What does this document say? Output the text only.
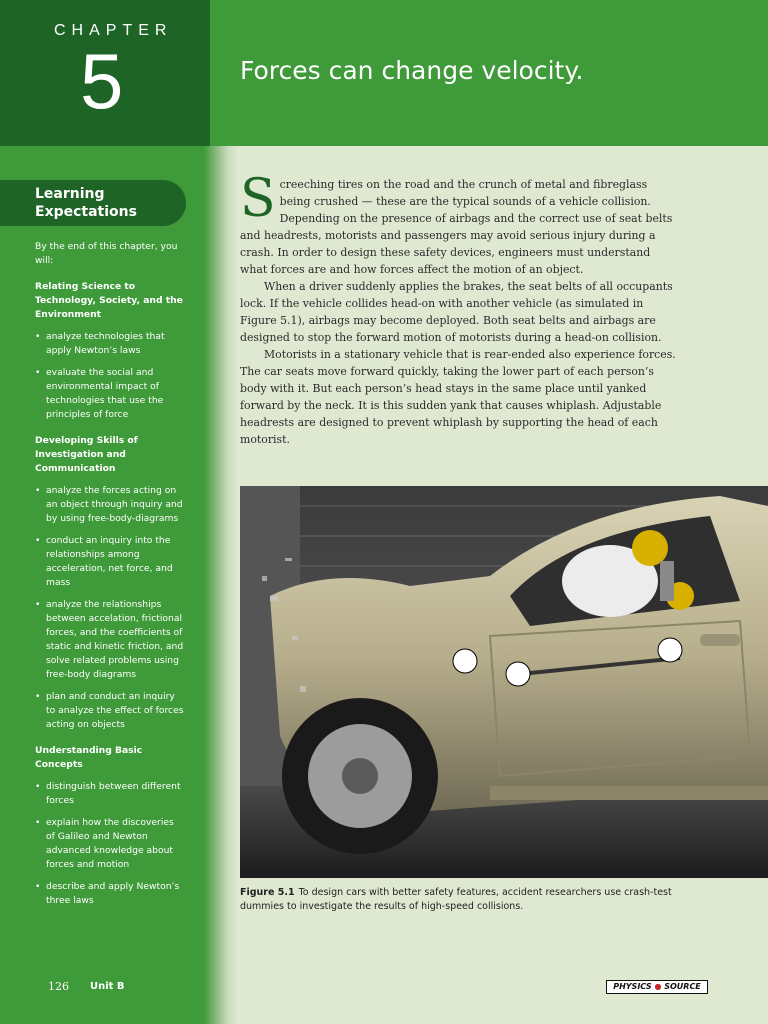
CHAPTER
5	Forces can change velocity.
Learning Expectations
By the end of this chapter, you will:
Relating Science to Technology, Society, and the Environment
• analyze technologies that apply Newton’s laws
• evaluate the social and environmental impact of technologies that use the principles of force
Developing Skills of Investigation and Communication
• analyze the forces acting on an object through inquiry and by using free-body-diagrams
• conduct an inquiry into the relationships among acceleration, net force, and mass
• analyze the relationships between accelation, frictional forces, and the coefficients of static and kinetic friction, and solve related problems using free-body diagrams
• plan and conduct an inquiry to analyze the effect of forces acting on objects
Understanding Basic Concepts
• distinguish between different forces
• explain how the discoveries of Galileo and Newton advanced knowledge about forces and motion
• describe and apply Newton’s three laws

Screeching tires on the road and the crunch of metal and fibreglass being crushed — these are the typical sounds of a vehicle collision. Depending on the presence of airbags and the correct use of seat belts and headrests, motorists and passengers may avoid serious injury during a crash. In order to design these safety devices, engineers must understand what forces are and how forces affect the motion of an object.

When a driver suddenly applies the brakes, the seat belts of all occupants lock. If the vehicle collides head-on with another vehicle (as simulated in Figure 5.1), airbags may become deployed. Both seat belts and airbags are designed to stop the forward motion of motorists during a head-on collision.

Motorists in a stationary vehicle that is rear-ended also experience forces. The car seats move forward quickly, taking the lower part of each person’s body with it. But each person’s head stays in the same place until yanked forward by the neck. It is this sudden yank that causes whiplash. Adjustable headrests are designed to prevent whiplash by supporting the head of each motorist.

Figure 5.1 To design cars with better safety features, accident researchers use crash-test dummies to investigate the results of high-speed collisions.
126 Unit B	PHYSICS ● SOURCE
